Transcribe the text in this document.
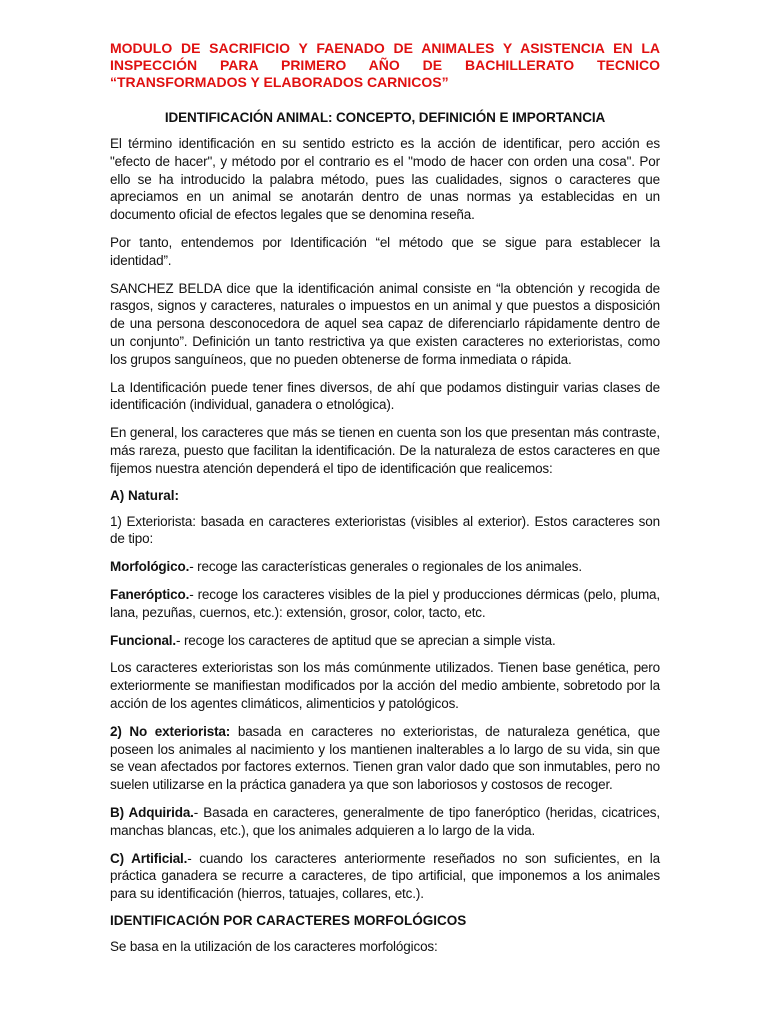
MODULO DE SACRIFICIO Y FAENADO DE ANIMALES Y ASISTENCIA EN LA INSPECCIÓN PARA PRIMERO AÑO DE BACHILLERATO TECNICO “TRANSFORMADOS Y ELABORADOS CARNICOS”
IDENTIFICACIÓN ANIMAL: CONCEPTO, DEFINICIÓN E IMPORTANCIA

El término identificación en su sentido estricto es la acción de identificar, pero acción es "efecto de hacer", y método por el contrario es el "modo de hacer con orden una cosa". Por ello se ha introducido la palabra método, pues las cualidades, signos o caracteres que apreciamos en un animal se anotarán dentro de unas normas ya establecidas en un documento oficial de efectos legales que se denomina reseña.

Por tanto, entendemos por Identificación “el método que se sigue para establecer la identidad”.

SANCHEZ BELDA dice que la identificación animal consiste en “la obtención y recogida de rasgos, signos y caracteres, naturales o impuestos en un animal y que puestos a disposición de una persona desconocedora de aquel sea capaz de diferenciarlo rápidamente dentro de un conjunto”. Definición un tanto restrictiva ya que existen caracteres no exterioristas, como los grupos sanguíneos, que no pueden obtenerse de forma inmediata o rápida.

La Identificación puede tener fines diversos, de ahí que podamos distinguir varias clases de identificación (individual, ganadera o etnológica).

En general, los caracteres que más se tienen en cuenta son los que presentan más contraste, más rareza, puesto que facilitan la identificación. De la naturaleza de estos caracteres en que fijemos nuestra atención dependerá el tipo de identificación que realicemos:

A) Natural:

1) Exteriorista: basada en caracteres exterioristas (visibles al exterior). Estos caracteres son de tipo:

Morfológico.- recoge las características generales o regionales de los animales.

Faneróptico.- recoge los caracteres visibles de la piel y producciones dérmicas (pelo, pluma, lana, pezuñas, cuernos, etc.): extensión, grosor, color, tacto, etc.

Funcional.- recoge los caracteres de aptitud que se aprecian a simple vista.

Los caracteres exterioristas son los más comúnmente utilizados. Tienen base genética, pero exteriormente se manifiestan modificados por la acción del medio ambiente, sobretodo por la acción de los agentes climáticos, alimenticios y patológicos.

2) No exteriorista: basada en caracteres no exterioristas, de naturaleza genética, que poseen los animales al nacimiento y los mantienen inalterables a lo largo de su vida, sin que se vean afectados por factores externos. Tienen gran valor dado que son inmutables, pero no suelen utilizarse en la práctica ganadera ya que son laboriosos y costosos de recoger.

B) Adquirida.- Basada en caracteres, generalmente de tipo faneróptico (heridas, cicatrices, manchas blancas, etc.), que los animales adquieren a lo largo de la vida.

C) Artificial.- cuando los caracteres anteriormente reseñados no son suficientes, en la práctica ganadera se recurre a caracteres, de tipo artificial, que imponemos a los animales para su identificación (hierros, tatuajes, collares, etc.).

IDENTIFICACIÓN POR CARACTERES MORFOLÓGICOS

Se basa en la utilización de los caracteres morfológicos:
